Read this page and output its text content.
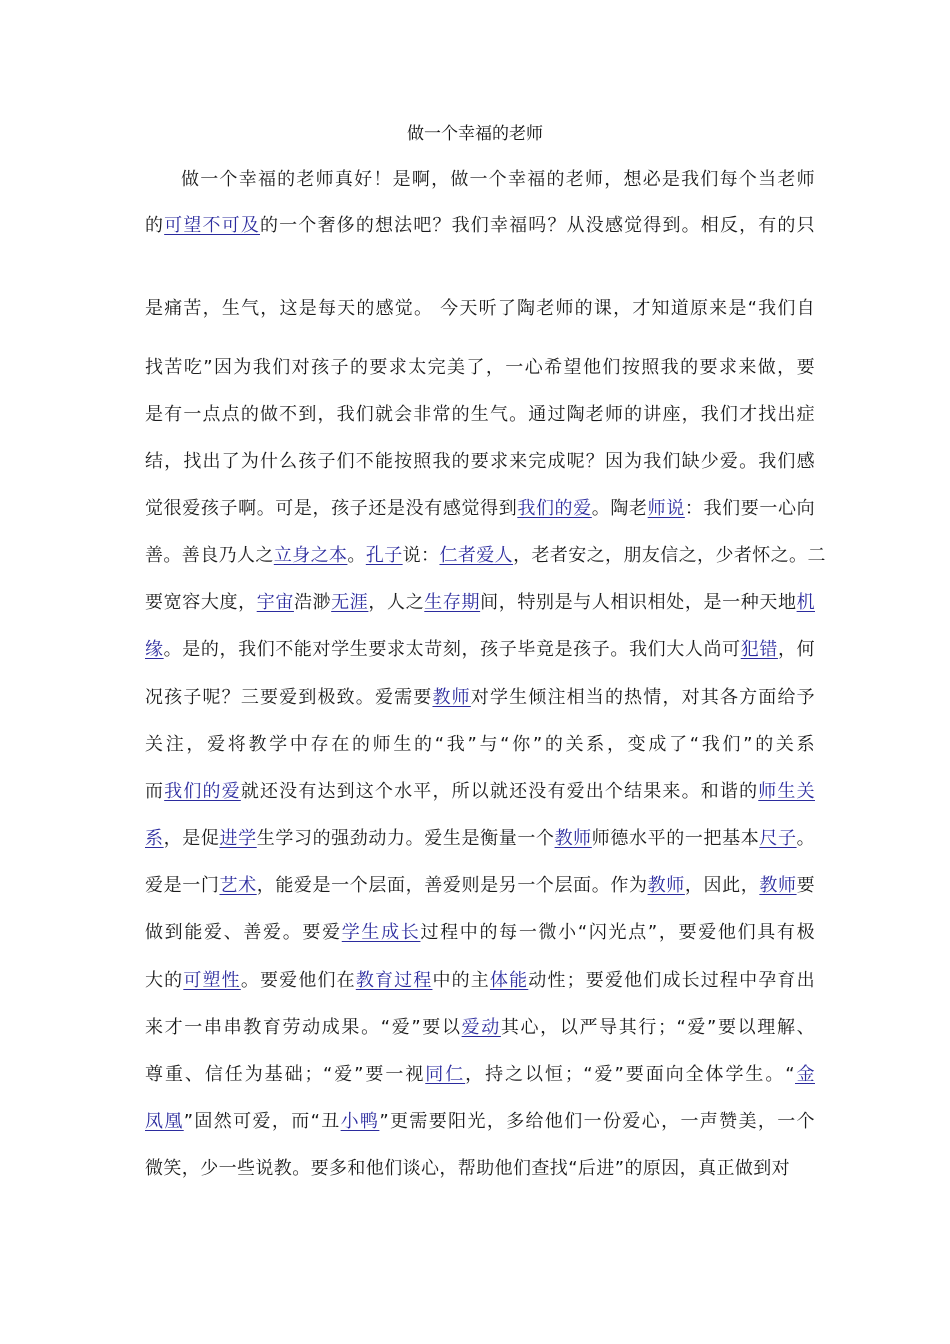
做一个幸福的老师
做一个幸福的老师真好！是啊，做一个幸福的老师，想必是我们每个当老师
的可望不可及的一个奢侈的想法吧？我们幸福吗？从没感觉得到。相反，有的只
是痛苦，生气，这是每天的感觉。 今天听了陶老师的课，才知道原来是“我们自
找苦吃”因为我们对孩子的要求太完美了，一心希望他们按照我的要求来做，要
是有一点点的做不到，我们就会非常的生气。通过陶老师的讲座，我们才找出症
结，找出了为什么孩子们不能按照我的要求来完成呢？因为我们缺少爱。我们感
觉很爱孩子啊。可是，孩子还是没有感觉得到我们的爱。陶老师说：我们要一心向
善。善良乃人之立身之本。孔子说：仁者爱人，老者安之，朋友信之，少者怀之。二
要宽容大度，宇宙浩渺无涯，人之生存期间，特别是与人相识相处，是一种天地机
缘。是的，我们不能对学生要求太苛刻，孩子毕竟是孩子。我们大人尚可犯错，何
况孩子呢？三要爱到极致。爱需要教师对学生倾注相当的热情，对其各方面给予
关注，爱将教学中存在的师生的“我”与“你”的关系，变成了“我们”的关系
而我们的爱就还没有达到这个水平，所以就还没有爱出个结果来。和谐的师生关
系，是促进学生学习的强劲动力。爱生是衡量一个教师师德水平的一把基本尺子。
爱是一门艺术，能爱是一个层面，善爱则是另一个层面。作为教师，因此，教师要
做到能爱、善爱。要爱学生成长过程中的每一微小“闪光点”，要爱他们具有极
大的可塑性。要爱他们在教育过程中的主体能动性；要爱他们成长过程中孕育出
来才一串串教育劳动成果。“爱”要以爱动其心，以严导其行；“爱”要以理解、
尊重、信任为基础；“爱”要一视同仁，持之以恒；“爱”要面向全体学生。“金
凤凰”固然可爱，而“丑小鸭”更需要阳光，多给他们一份爱心，一声赞美，一个
微笑，少一些说教。要多和他们谈心，帮助他们查找“后进”的原因，真正做到对
